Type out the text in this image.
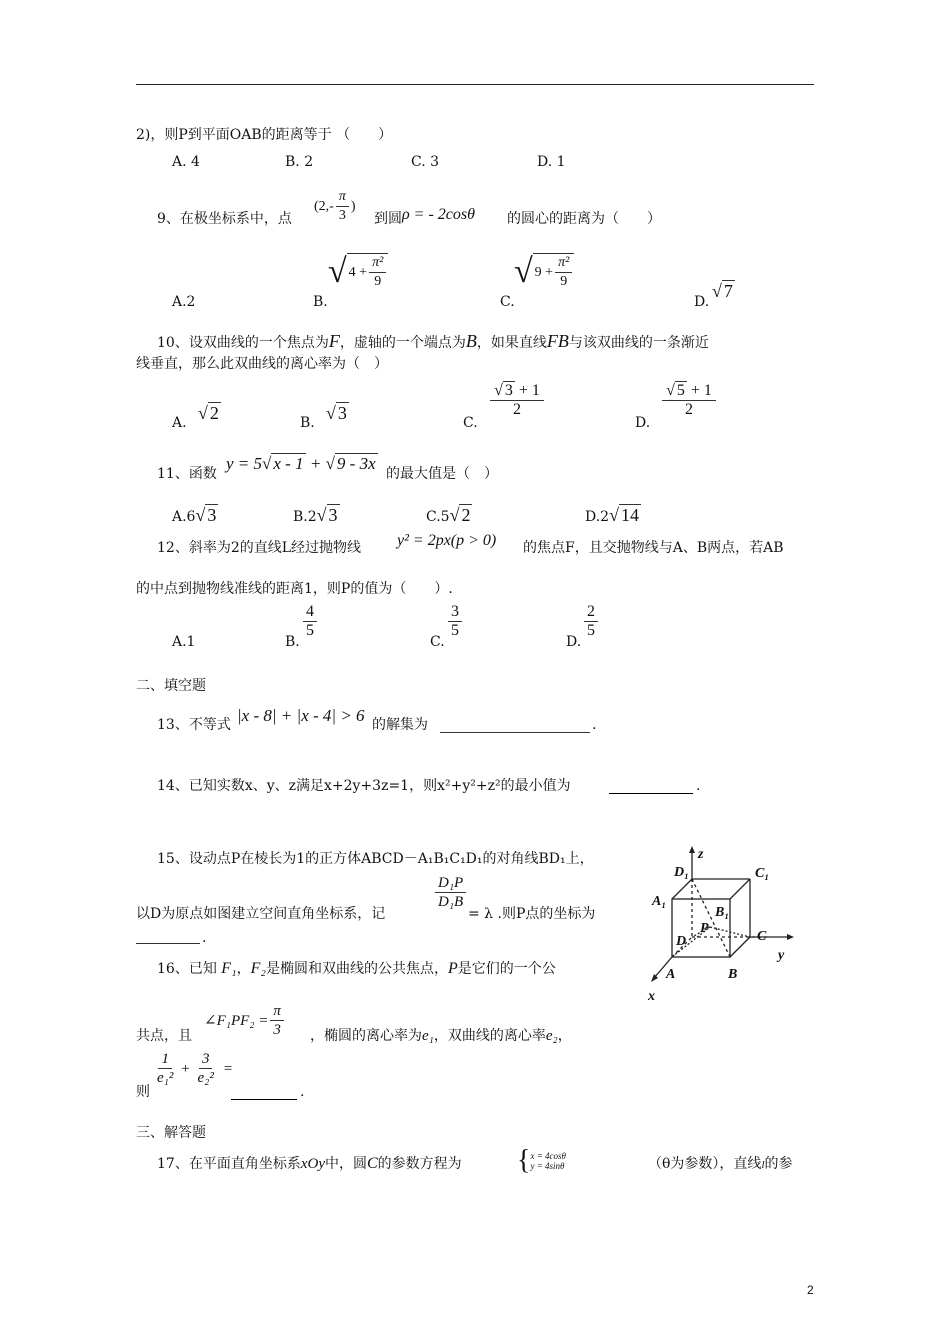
2)，则P到平面OAB的距离等于 （　　）
A. 4	B. 2	C. 3	D. 1
9、在极坐标系中，点
($2,- \frac{\pi}{3}$ )
到圆 ρ = - 2cosθ 的圆心的距离为（　　）
A.2	B.
√ $4 + \frac{\text{π²}}{9}$
C.
√ $9 + \frac{\text{π²}}{9}$
D.
√ 7
10、设双曲线的一个焦点为F，虚轴的一个端点为B，如果直线FB与该双曲线的一条渐近
线垂直，那么此双曲线的离心率为（　）
A. √ 2	B. √ 3	C.
$\frac{√ 3 + 1}{2}$
D.
$\frac{√ 5 + 1}{2}$
11、函数
y = 5√ x - 1 + √ 9 - 3x
的最大值是（　）
A.6√ 3	B.2√ 3	C.5√ 2	D.2√ 14
12、斜率为2的直线L经过抛物线 y² = 2px(p > 0) 的焦点F，且交抛物线与A、B两点，若AB
的中点到抛物线准线的距离1，则P的值为（　　）.
A.1	B.
$\frac{4}{5}$
C.
$\frac{3}{5}$
D.
$\frac{2}{5}$
二、填空题
13、不等式 |x - 8| + |x - 4| > 6 的解集为	.
14、已知实数x、y、z满足x+2y+3z=1，则x²+y²+z²的最小值为	.
15、设动点P在棱长为1的正方体ABCD－A₁B₁C₁D₁的对角线BD₁上，
以D为原点如图建立空间直角坐标系，记
$\frac{\text{D₁P}}{\text{D₁B}}$
= λ .则P点的坐标为
.
16、已知 F₁，F₂是椭圆和双曲线的公共焦点，P是它们的一个公
共点，且
∠F₁PF₂ = $\frac{\pi}{3}$ ，椭圆的离心率为e₁，双曲线的离心率e₂，
则
$\frac{1}{\text{e₁²}} + \frac{3}{\text{e₂²}}$ =
.
三、解答题
17、在平面直角坐标系xOy中，圆C的参数方程为 { x = 4cosθ
y = 4sinθ	（θ为参数），直线l的参
z
D₁	C₁
A₁
B₁
D
P
C
y
A	B
x
2
